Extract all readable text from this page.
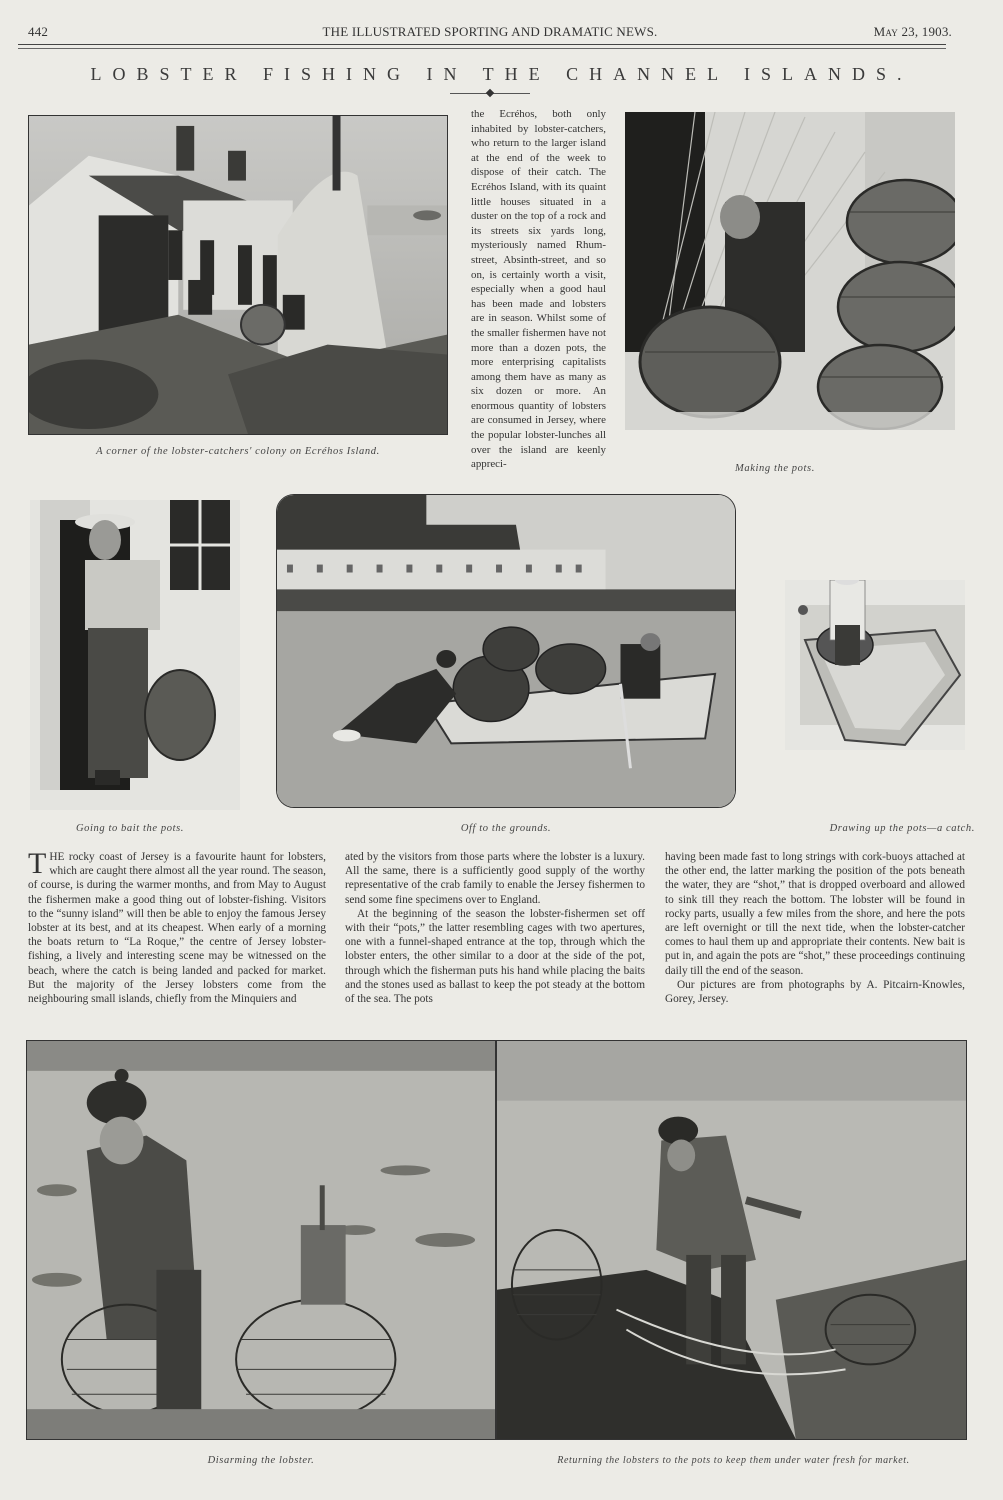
442	THE ILLUSTRATED SPORTING AND DRAMATIC NEWS.	May 23, 1903.
LOBSTER FISHING IN THE CHANNEL ISLANDS.
A corner of the lobster-catchers' colony on Ecréhos Island.
the Ecréhos, both only inhabited by lobster-catchers, who return to the larger island at the end of the week to dispose of their catch. The Ecréhos Island, with its quaint little houses situated in a duster on the top of a rock and its streets six yards long, mysteriously named Rhum-street, Absinth-street, and so on, is certainly worth a visit, especially when a good haul has been made and lobsters are in season. Whilst some of the smaller fishermen have not more than a dozen pots, the more enterprising capitalists among them have as many as six dozen or more. An enormous quantity of lobsters are consumed in Jersey, where the popular lobster-lunches all over the island are keenly appreci-	Making the pots.
Going to bait the pots.	Off to the grounds.	Drawing up the pots—a catch.

THE rocky coast of Jersey is a favourite haunt for lobsters, which are caught there almost all the year round. The season, of course, is during the warmer months, and from May to August the fishermen make a good thing out of lobster-fishing. Visitors to the “sunny island” will then be able to enjoy the famous Jersey lobster at its best, and at its cheapest. When early of a morning the boats return to “La Roque,” the centre of Jersey lobster-fishing, a lively and interesting scene may be witnessed on the beach, where the catch is being landed and packed for market. But the majority of the Jersey lobsters come from the neighbouring small islands, chiefly from the Minquiers and

ated by the visitors from those parts where the lobster is a luxury. All the same, there is a sufficiently good supply of the worthy representative of the crab family to enable the Jersey fishermen to send some fine specimens over to England.

At the beginning of the season the lobster-fishermen set off with their “pots,” the latter resembling cages with two apertures, one with a funnel-shaped entrance at the top, through which the lobster enters, the other similar to a door at the side of the pot, through which the fisherman puts his hand while placing the baits and the stones used as ballast to keep the pot steady at the bottom of the sea. The pots

having been made fast to long strings with cork-buoys attached at the other end, the latter marking the position of the pots beneath the water, they are “shot,” that is dropped overboard and allowed to sink till they reach the bottom. The lobster will be found in rocky parts, usually a few miles from the shore, and here the pots are left overnight or till the next tide, when the lobster-catcher comes to haul them up and appropriate their contents. New bait is put in, and again the pots are “shot,” these proceedings continuing daily till the end of the season.

Our pictures are from photographs by A. Pitcairn-Knowles, Gorey, Jersey.

Disarming the lobster.	Returning the lobsters to the pots to keep them under water fresh for market.
